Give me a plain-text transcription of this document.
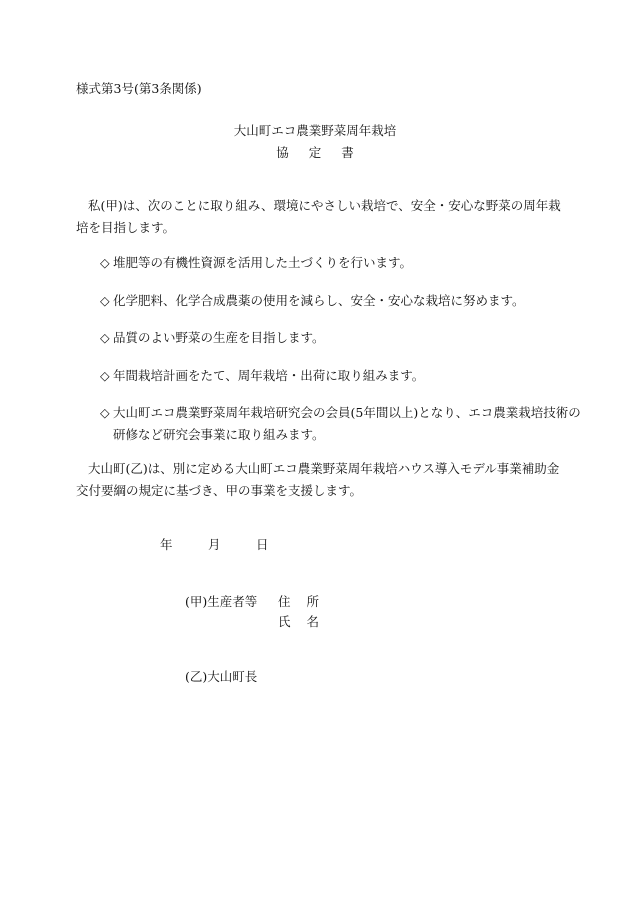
様式第3号(第3条関係)
大山町エコ農業野菜周年栽培
協 定 書
私(甲)は、次のことに取り組み、環境にやさしい栽培で、安全・安心な野菜の周年栽培を目指します。
◇ 堆肥等の有機性資源を活用した土づくりを行います。
◇ 化学肥料、化学合成農薬の使用を減らし、安全・安心な栽培に努めます。
◇ 品質のよい野菜の生産を目指します。
◇ 年間栽培計画をたて、周年栽培・出荷に取り組みます。
◇ 大山町エコ農業野菜周年栽培研究会の会員(5年間以上)となり、エコ農業栽培技術の研修など研究会事業に取り組みます。
大山町(乙)は、別に定める大山町エコ農業野菜周年栽培ハウス導入モデル事業補助金交付要綱の規定に基づき、甲の事業を支援します。
年	月	日
(甲)生産者等 住 所
氏 名
(乙)大山町長
